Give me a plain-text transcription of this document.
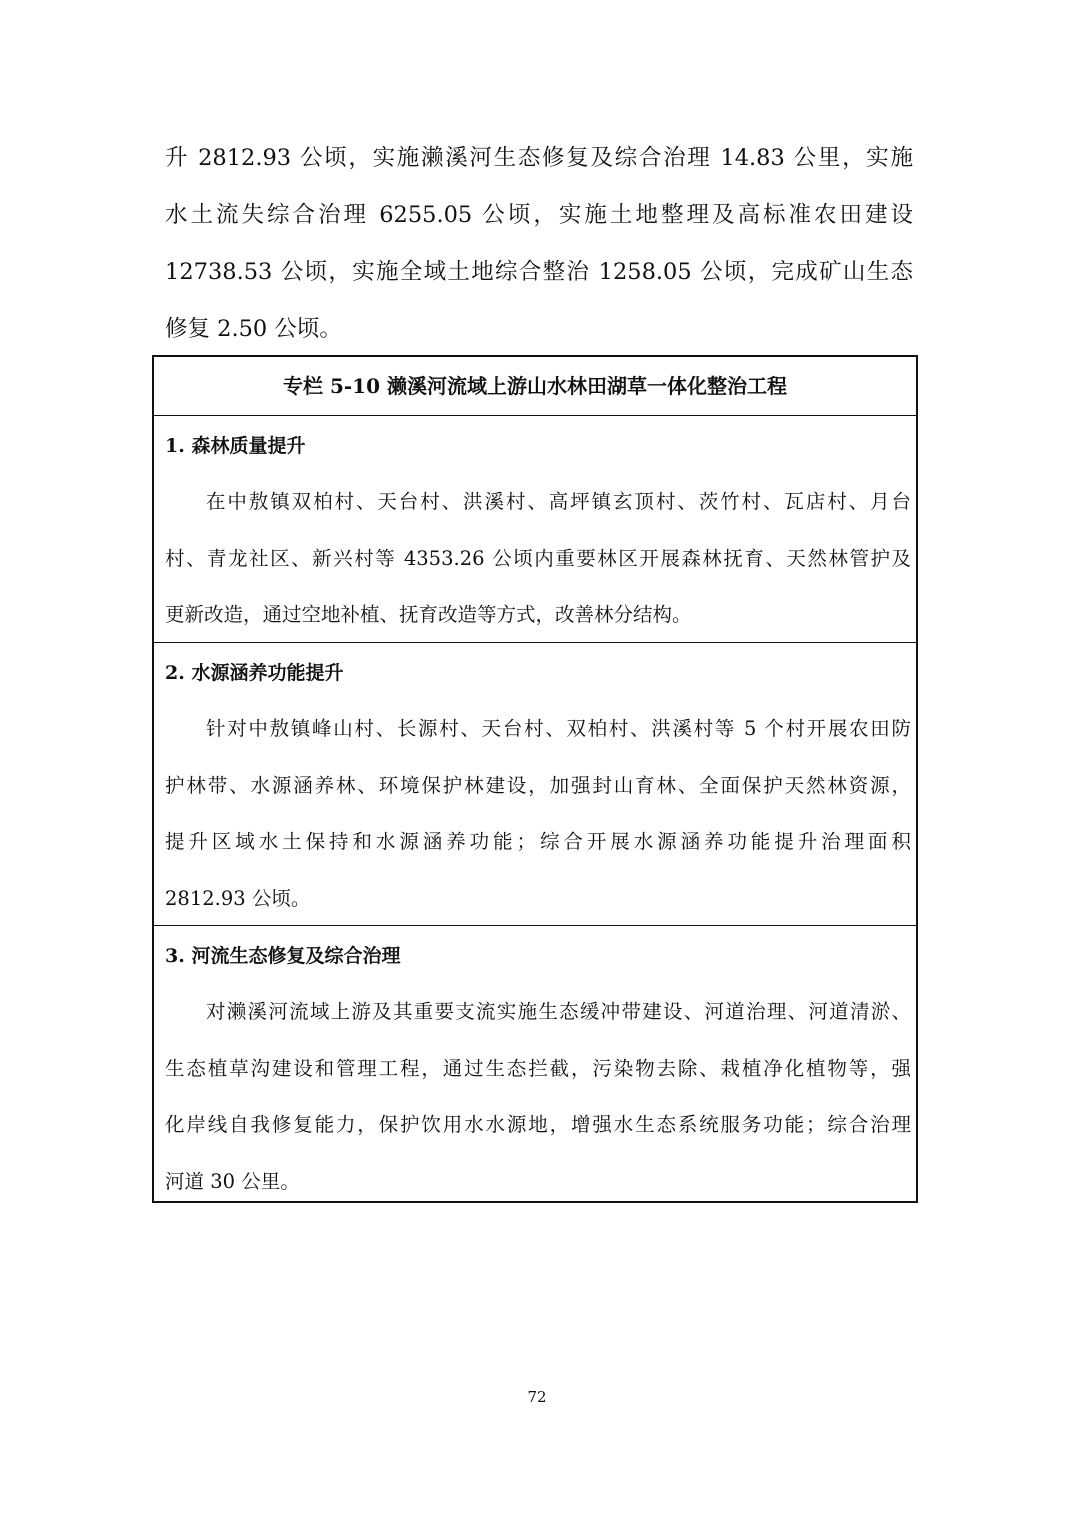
升 2812.93 公顷，实施濑溪河生态修复及综合治理 14.83 公里，实施
水土流失综合治理 6255.05 公顷，实施土地整理及高标准农田建设
12738.53 公顷，实施全域土地综合整治 1258.05 公顷，完成矿山生态
修复 2.50 公顷。
专栏 5-10 濑溪河流域上游山水林田湖草一体化整治工程
1. 森林质量提升
在中敖镇双柏村、天台村、洪溪村、高坪镇玄顶村、茨竹村、瓦店村、月台
村、青龙社区、新兴村等 4353.26 公顷内重要林区开展森林抚育、天然林管护及
更新改造，通过空地补植、抚育改造等方式，改善林分结构。
2. 水源涵养功能提升
针对中敖镇峰山村、长源村、天台村、双柏村、洪溪村等 5 个村开展农田防
护林带、水源涵养林、环境保护林建设，加强封山育林、全面保护天然林资源，
提升区域水土保持和水源涵养功能；综合开展水源涵养功能提升治理面积
2812.93 公顷。
3. 河流生态修复及综合治理
对濑溪河流域上游及其重要支流实施生态缓冲带建设、河道治理、河道清淤、
生态植草沟建设和管理工程，通过生态拦截，污染物去除、栽植净化植物等，强
化岸线自我修复能力，保护饮用水水源地，增强水生态系统服务功能；综合治理
河道 30 公里。
72
